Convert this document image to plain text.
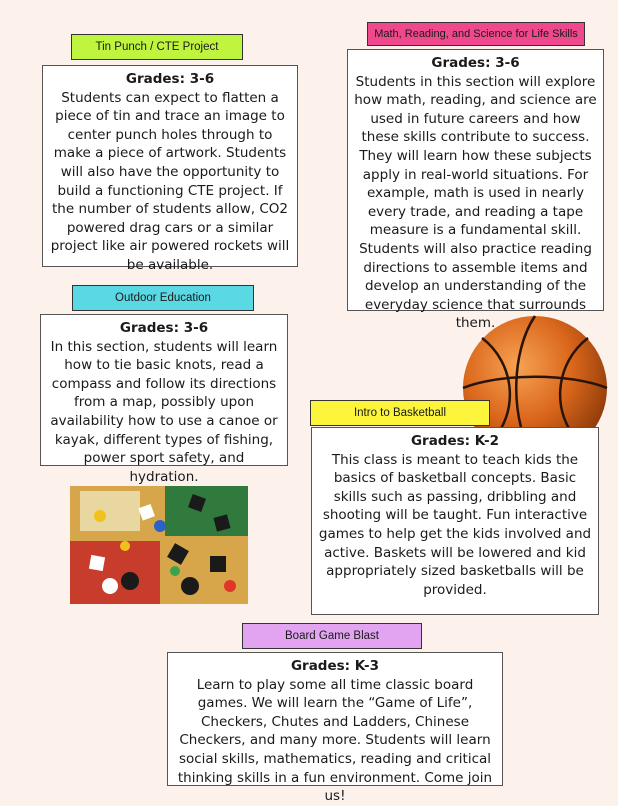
Tin Punch / CTE Project
Grades: 3-6
Students can expect to flatten a piece of tin and trace an image to center punch holes through to make a piece of artwork. Students will also have the opportunity to build a functioning CTE project. If the number of students allow, CO2 powered drag cars or a similar project like air powered rockets will be available.
Math, Reading, and Science for Life Skills
Grades: 3-6
Students in this section will explore how math, reading, and science are used in future careers and how these skills contribute to success. They will learn how these subjects apply in real-world situations. For example, math is used in nearly every trade, and reading a tape measure is a fundamental skill. Students will also practice reading directions to assemble items and develop an understanding of the everyday science that surrounds them.
Outdoor Education
Grades: 3-6
In this section, students will learn how to tie basic knots, read a compass and follow its directions from a map, possibly upon availability how to use a canoe or kayak, different types of fishing, power sport safety, and hydration.
Intro to Basketball
Grades: K-2
This class is meant to teach kids the basics of basketball concepts. Basic skills such as passing, dribbling and shooting will be taught. Fun interactive games to help get the kids involved and active. Baskets will be lowered and kid appropriately sized basketballs will be provided.
Board Game Blast
Grades: K-3
Learn to play some all time classic board games. We will learn the “Game of Life”, Checkers, Chutes and Ladders, Chinese Checkers, and many more. Students will learn social skills, mathematics, reading and critical thinking skills in a fun environment. Come join us!
